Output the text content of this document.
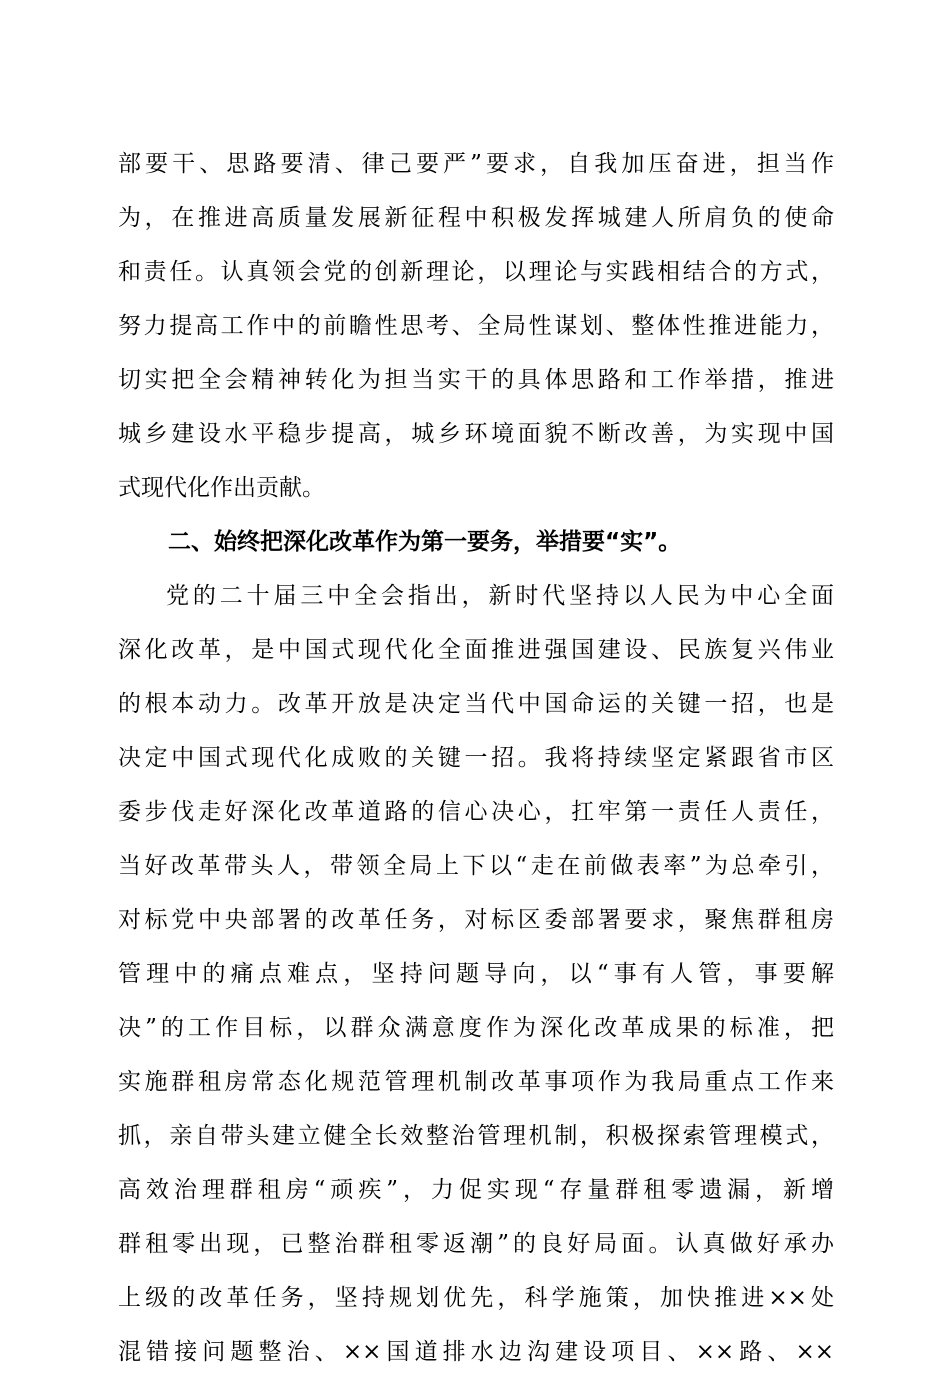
部要干、思路要清、律己要严”要求，自我加压奋进，担当作
为，在推进高质量发展新征程中积极发挥城建人所肩负的使命
和责任。认真领会党的创新理论，以理论与实践相结合的方式，
努力提高工作中的前瞻性思考、全局性谋划、整体性推进能力，
切实把全会精神转化为担当实干的具体思路和工作举措，推进
城乡建设水平稳步提高，城乡环境面貌不断改善，为实现中国
式现代化作出贡献。
二、始终把深化改革作为第一要务，举措要“实”。
党的二十届三中全会指出，新时代坚持以人民为中心全面
深化改革，是中国式现代化全面推进强国建设、民族复兴伟业
的根本动力。改革开放是决定当代中国命运的关键一招，也是
决定中国式现代化成败的关键一招。我将持续坚定紧跟省市区
委步伐走好深化改革道路的信心决心，扛牢第一责任人责任，
当好改革带头人，带领全局上下以“走在前做表率”为总牵引，
对标党中央部署的改革任务，对标区委部署要求，聚焦群租房
管理中的痛点难点，坚持问题导向，以“事有人管，事要解
决”的工作目标，以群众满意度作为深化改革成果的标准，把
实施群租房常态化规范管理机制改革事项作为我局重点工作来
抓，亲自带头建立健全长效整治管理机制，积极探索管理模式，
高效治理群租房“顽疾”，力促实现“存量群租零遗漏，新增
群租零出现，已整治群租零返潮”的良好局面。认真做好承办
上级的改革任务，坚持规划优先，科学施策，加快推进××处
混错接问题整治、××国道排水边沟建设项目、××路、××
